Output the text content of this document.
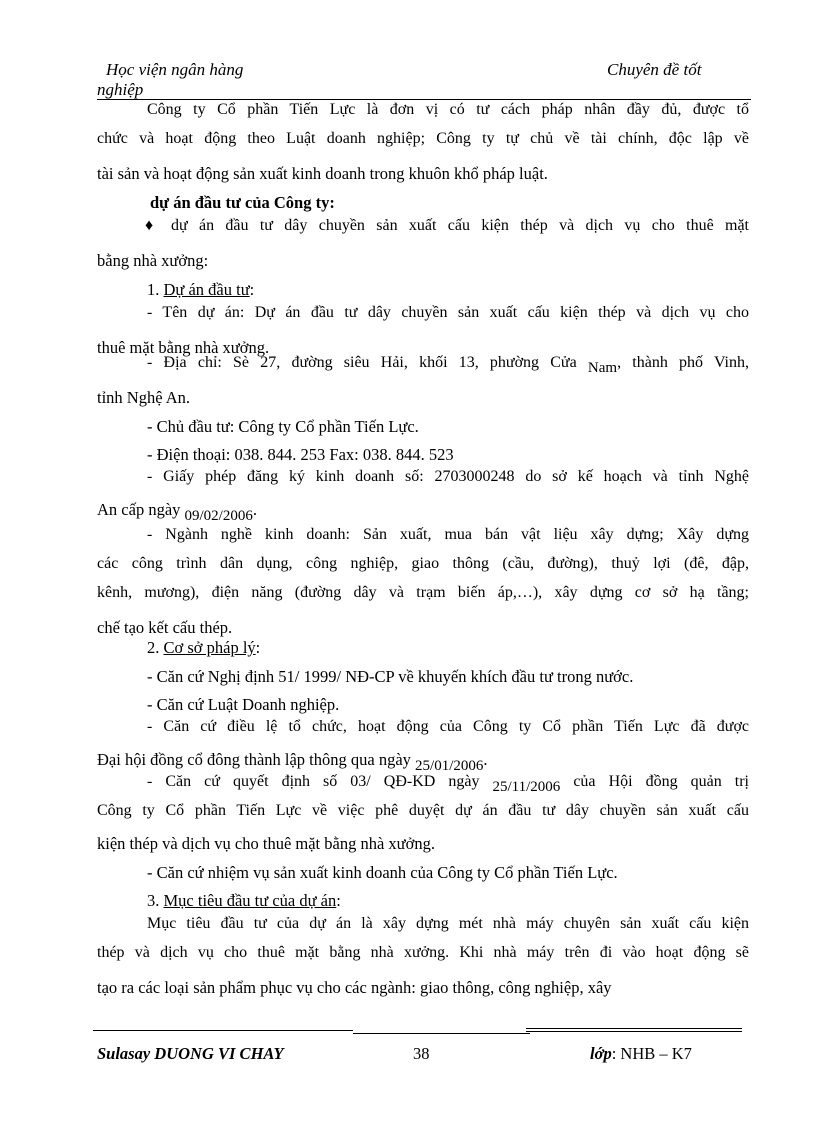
Học viện ngân hàng
nghiệp
Chuyên đề tốt
Công ty Cổ phần Tiến Lực là đơn vị có tư cách pháp nhân đầy đủ, được tổ
chức và hoạt động theo Luật doanh nghiệp; Công ty tự chủ về tài chính, độc lập về
tài sản và hoạt động sản xuất kinh doanh trong khuôn khổ pháp luật.
dự án đầu tư của Công ty:
♦	dự án đầu tư dây chuyền sản xuất cấu kiện thép và dịch vụ cho thuê mặt
bằng nhà xưởng:
1. Dự án đầu tư:
- Tên dự án: Dự án đầu tư dây chuyền sản xuất cấu kiện thép và dịch vụ cho
thuê mặt bằng nhà xưởng.
- Địa chỉ: Sè 27, đường siêu Hải, khối 13, phường Cửa Nam, thành phố Vinh,
tỉnh Nghệ An.
- Chủ đầu tư: Công ty Cổ phần Tiến Lực.
- Điện thoại: 038. 844. 253 Fax: 038. 844. 523
- Giấy phép đăng ký kinh doanh số: 2703000248 do sở kế hoạch và tỉnh Nghệ
An cấp ngày 09/02/2006.
- Ngành nghề kinh doanh: Sản xuất, mua bán vật liệu xây dựng; Xây dựng
các công trình dân dụng, công nghiệp, giao thông (cầu, đường), thuỷ lợi (đê, đập,
kênh, mương), điện năng (đường dây và trạm biến áp,…), xây dựng cơ sở hạ tầng;
chế tạo kết cấu thép.
2. Cơ sở pháp lý:
- Căn cứ Nghị định 51/ 1999/ NĐ-CP về khuyến khích đầu tư trong nước.
- Căn cứ Luật Doanh nghiệp.
- Căn cứ điều lệ tổ chức, hoạt động của Công ty Cổ phần Tiến Lực đã được
Đại hội đồng cổ đông thành lập thông qua ngày 25/01/2006.
- Căn cứ quyết định số 03/ QĐ-KD ngày 25/11/2006 của Hội đồng quản trị
Công ty Cổ phần Tiến Lực về việc phê duyệt dự án đầu tư dây chuyền sản xuất cấu
kiện thép và dịch vụ cho thuê mặt bằng nhà xưởng.
- Căn cứ nhiệm vụ sản xuất kinh doanh của Công ty Cổ phần Tiến Lực.
3. Mục tiêu đầu tư của dự án:
Mục tiêu đầu tư của dự án là xây dựng mét nhà máy chuyên sản xuất cấu kiện
thép và dịch vụ cho thuê mặt bằng nhà xưởng. Khi nhà máy trên đi vào hoạt động sẽ
tạo ra các loại sản phẩm phục vụ cho các ngành: giao thông, công nghiệp, xây
Sulasay DUONG VI CHAY	38	lớp: NHB – K7
